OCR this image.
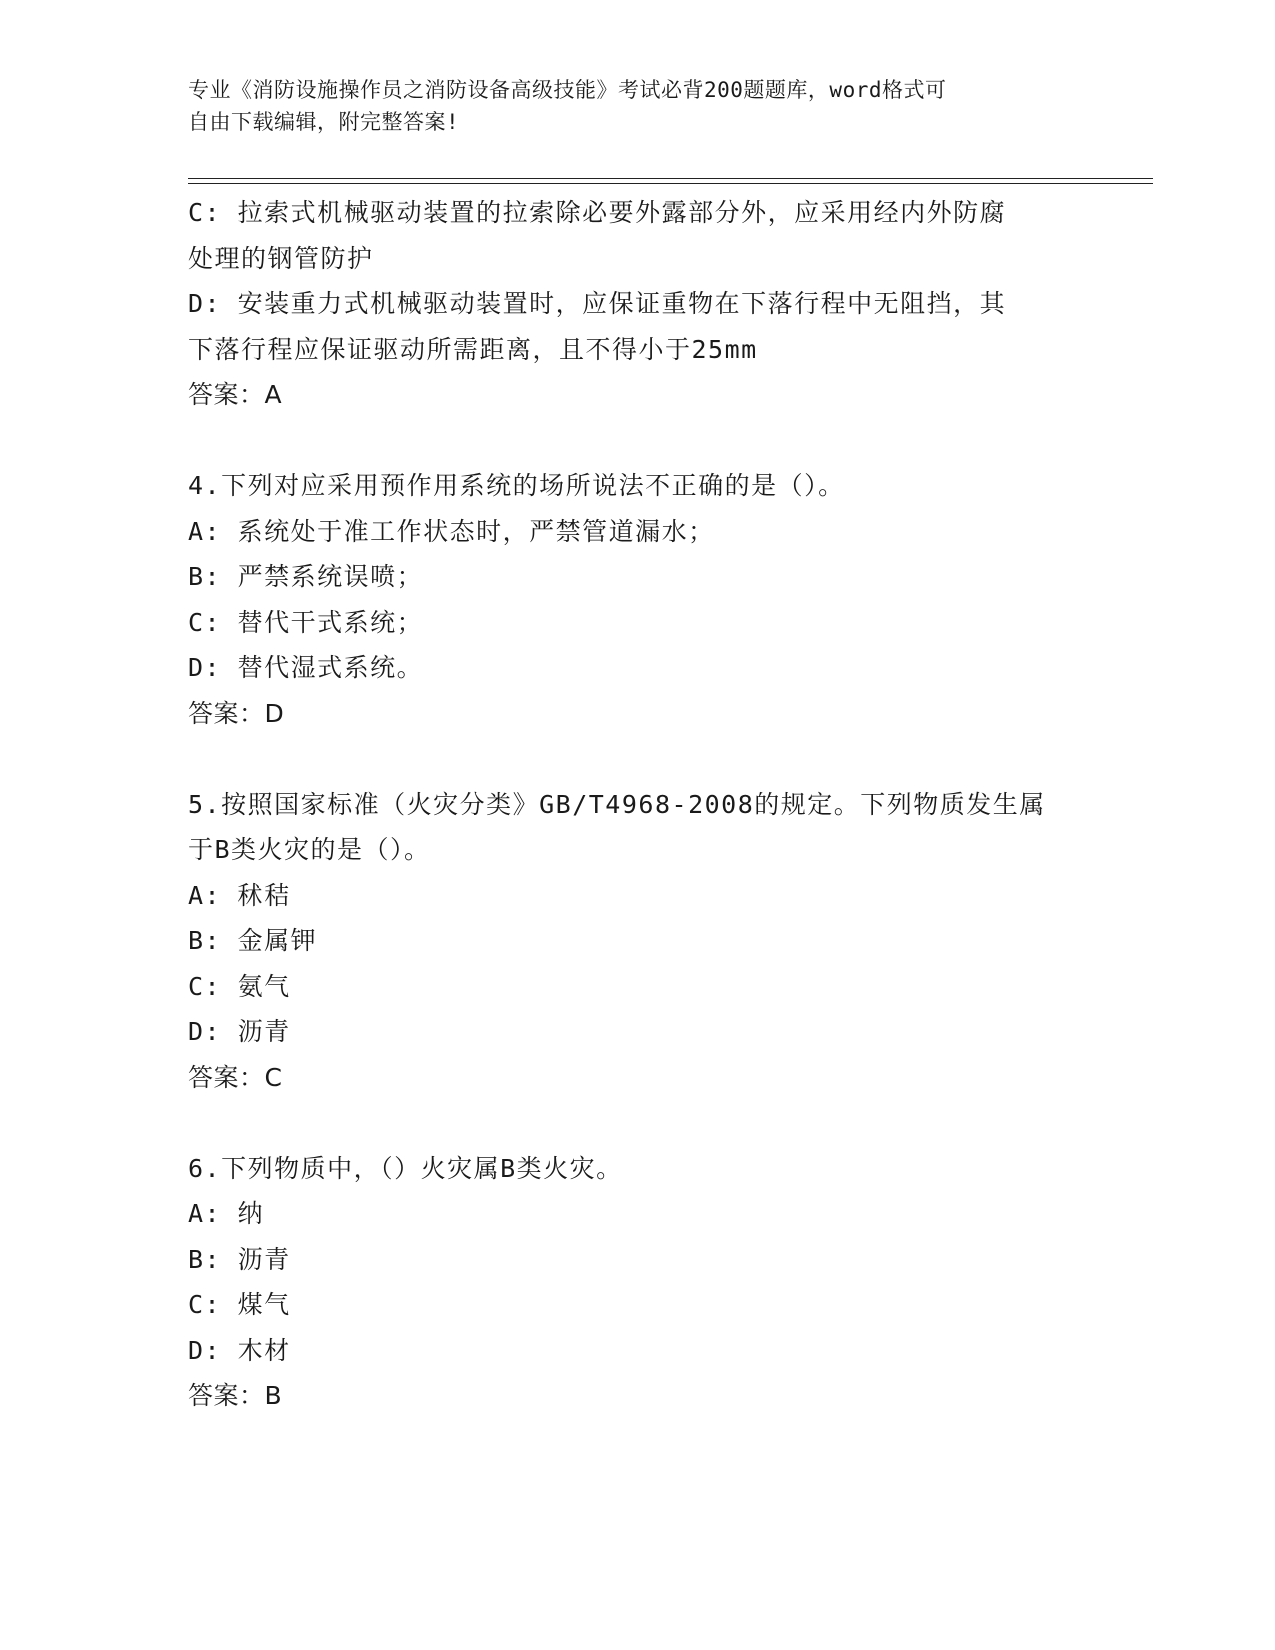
专业《消防设施操作员之消防设备高级技能》考试必背200题题库，word格式可
自由下载编辑，附完整答案!
C: 拉索式机械驱动装置的拉索除必要外露部分外，应采用经内外防腐
处理的钢管防护
D: 安装重力式机械驱动装置时，应保证重物在下落行程中无阻挡，其
下落行程应保证驱动所需距离，且不得小于25mm
答案：A
4.下列对应采用预作用系统的场所说法不正确的是（）。
A: 系统处于准工作状态时，严禁管道漏水；
B: 严禁系统误喷；
C: 替代干式系统；
D: 替代湿式系统。
答案：D
5.按照国家标准（火灾分类》GB/T4968-2008的规定。下列物质发生属
于B类火灾的是（）。
A: 秫秸
B: 金属钾
C: 氨气
D: 沥青
答案：C
6.下列物质中，（）火灾属B类火灾。
A: 纳
B: 沥青
C: 煤气
D: 木材
答案：B
